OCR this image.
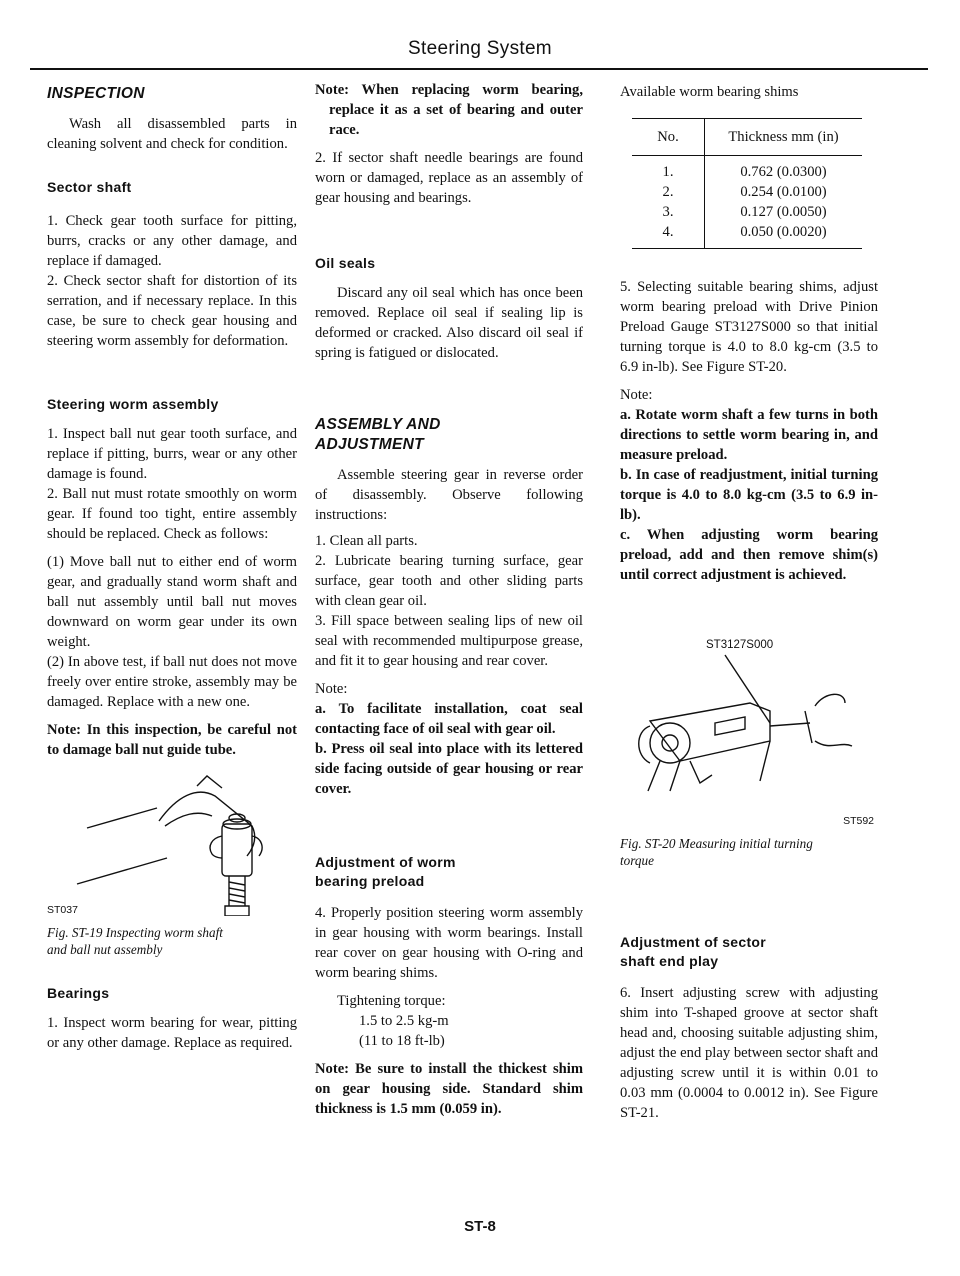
Steering System
INSPECTION

Wash all disassembled parts in cleaning solvent and check for condition.

Sector shaft

1. Check gear tooth surface for pitting, burrs, cracks or any other damage, and replace if damaged.

2. Check sector shaft for distortion of its serration, and if necessary replace. In this case, be sure to check gear housing and steering worm assembly for deformation.

Steering worm assembly

1. Inspect ball nut gear tooth surface, and replace if pitting, burrs, wear or any other damage is found.

2. Ball nut must rotate smoothly on worm gear. If found too tight, entire assembly should be replaced. Check as follows:

(1) Move ball nut to either end of worm gear, and gradually stand worm shaft and ball nut assembly until ball nut moves downward on worm gear under its own weight.

(2) In above test, if ball nut does not move freely over entire stroke, assembly may be damaged. Replace with a new one.

Note: In this inspection, be careful not to damage ball nut guide tube.

ST037

Fig. ST-19 Inspecting worm shaft

and ball nut assembly

Bearings

1. Inspect worm bearing for wear, pitting or any other damage. Replace as required.

Note: When replacing worm bearing, replace it as a set of bearing and outer race.

2. If sector shaft needle bearings are found worn or damaged, replace as an assembly of gear housing and bearings.

Oil seals

Discard any oil seal which has once been removed. Replace oil seal if sealing lip is deformed or cracked. Also discard oil seal if spring is fatigued or dislocated.

ASSEMBLY AND
ADJUSTMENT

Assemble steering gear in reverse order of disassembly. Observe following instructions:

1. Clean all parts.

2. Lubricate bearing turning surface, gear surface, gear tooth and other sliding parts with clean gear oil.

3. Fill space between sealing lips of new oil seal with recommended multipurpose grease, and fit it to gear housing and rear cover.

Note:

a. To facilitate installation, coat seal contacting face of oil seal with gear oil.

b. Press oil seal into place with its lettered side facing outside of gear housing or rear cover.

Adjustment of worm
bearing preload

4. Properly position steering worm assembly in gear housing with worm bearings. Install rear cover on gear housing with O-ring and worm bearing shims.

Tightening torque:
1.5 to 2.5 kg-m
(11 to 18 ft-lb)

Note: Be sure to install the thickest shim on gear housing side. Standard shim thickness is 1.5 mm (0.059 in).

Available worm bearing shims

No.	Thickness mm (in)
1.	0.762 (0.0300)
2.	0.254 (0.0100)
3.	0.127 (0.0050)
4.	0.050 (0.0020)

5. Selecting suitable bearing shims, adjust worm bearing preload with Drive Pinion Preload Gauge ST3127S000 so that initial turning torque is 4.0 to 8.0 kg-cm (3.5 to 6.9 in-lb). See Figure ST-20.

Note:

a. Rotate worm shaft a few turns in both directions to settle worm bearing in, and measure preload.

b. In case of readjustment, initial turning torque is 4.0 to 8.0 kg-cm (3.5 to 6.9 in-lb).

c. When adjusting worm bearing preload, add and then remove shim(s) until correct adjustment is achieved.

ST3127S000
ST592

Fig. ST-20 Measuring initial turning

torque

Adjustment of sector
shaft end play

6. Insert adjusting screw with adjusting shim into T-shaped groove at sector shaft head and, choosing suitable adjusting shim, adjust the end play between sector shaft and adjusting screw until it is within 0.01 to 0.03 mm (0.0004 to 0.0012 in). See Figure ST-21.

ST-8
